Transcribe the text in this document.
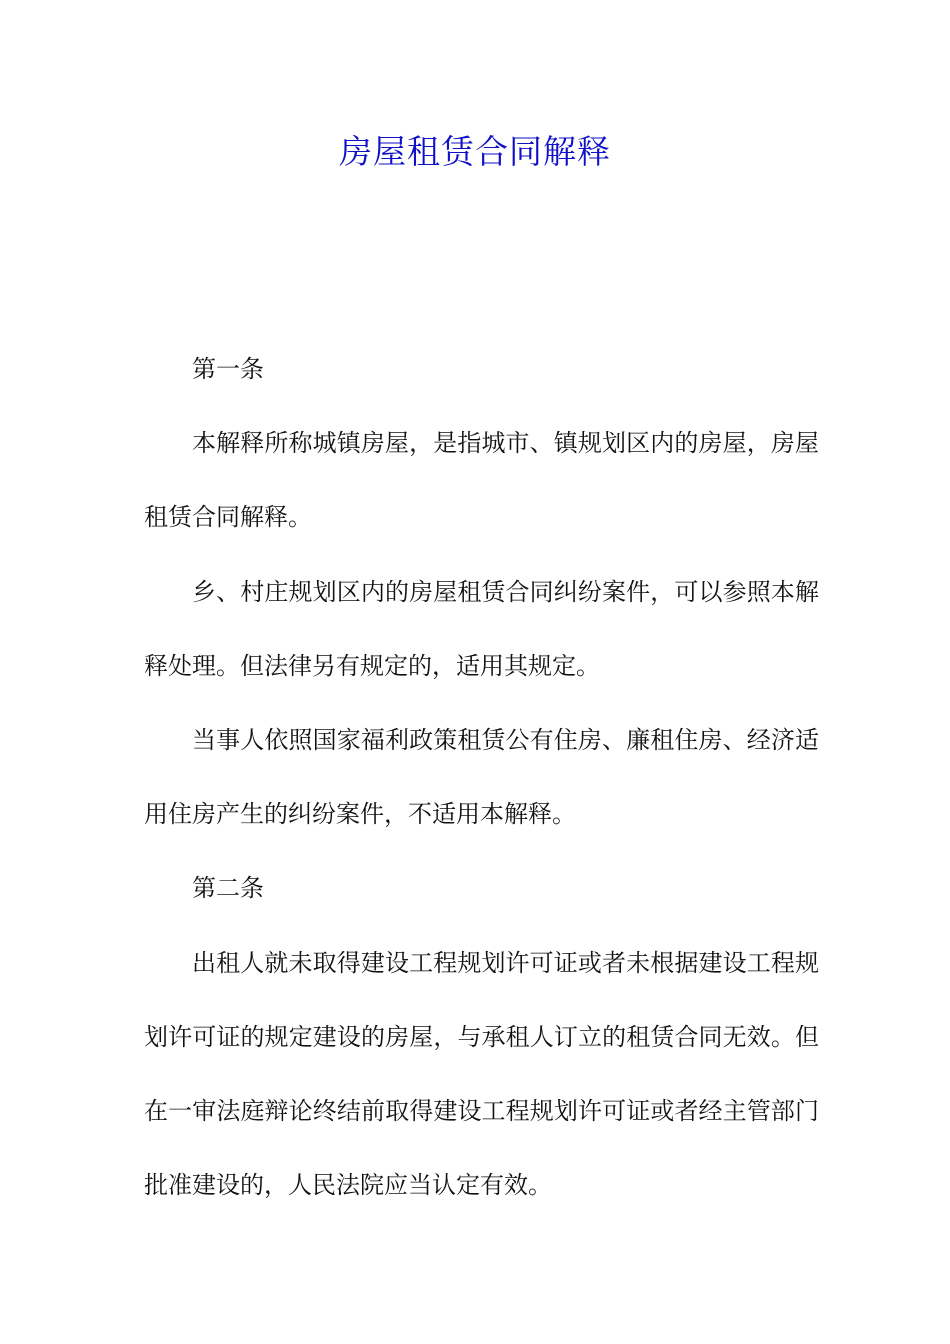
房屋租赁合同解释

第一条

本解释所称城镇房屋，是指城市、镇规划区内的房屋，房屋租赁合同解释。

乡、村庄规划区内的房屋租赁合同纠纷案件，可以参照本解释处理。但法律另有规定的，适用其规定。

当事人依照国家福利政策租赁公有住房、廉租住房、经济适用住房产生的纠纷案件，不适用本解释。

第二条

出租人就未取得建设工程规划许可证或者未根据建设工程规划许可证的规定建设的房屋，与承租人订立的租赁合同无效。但在一审法庭辩论终结前取得建设工程规划许可证或者经主管部门批准建设的，人民法院应当认定有效。
